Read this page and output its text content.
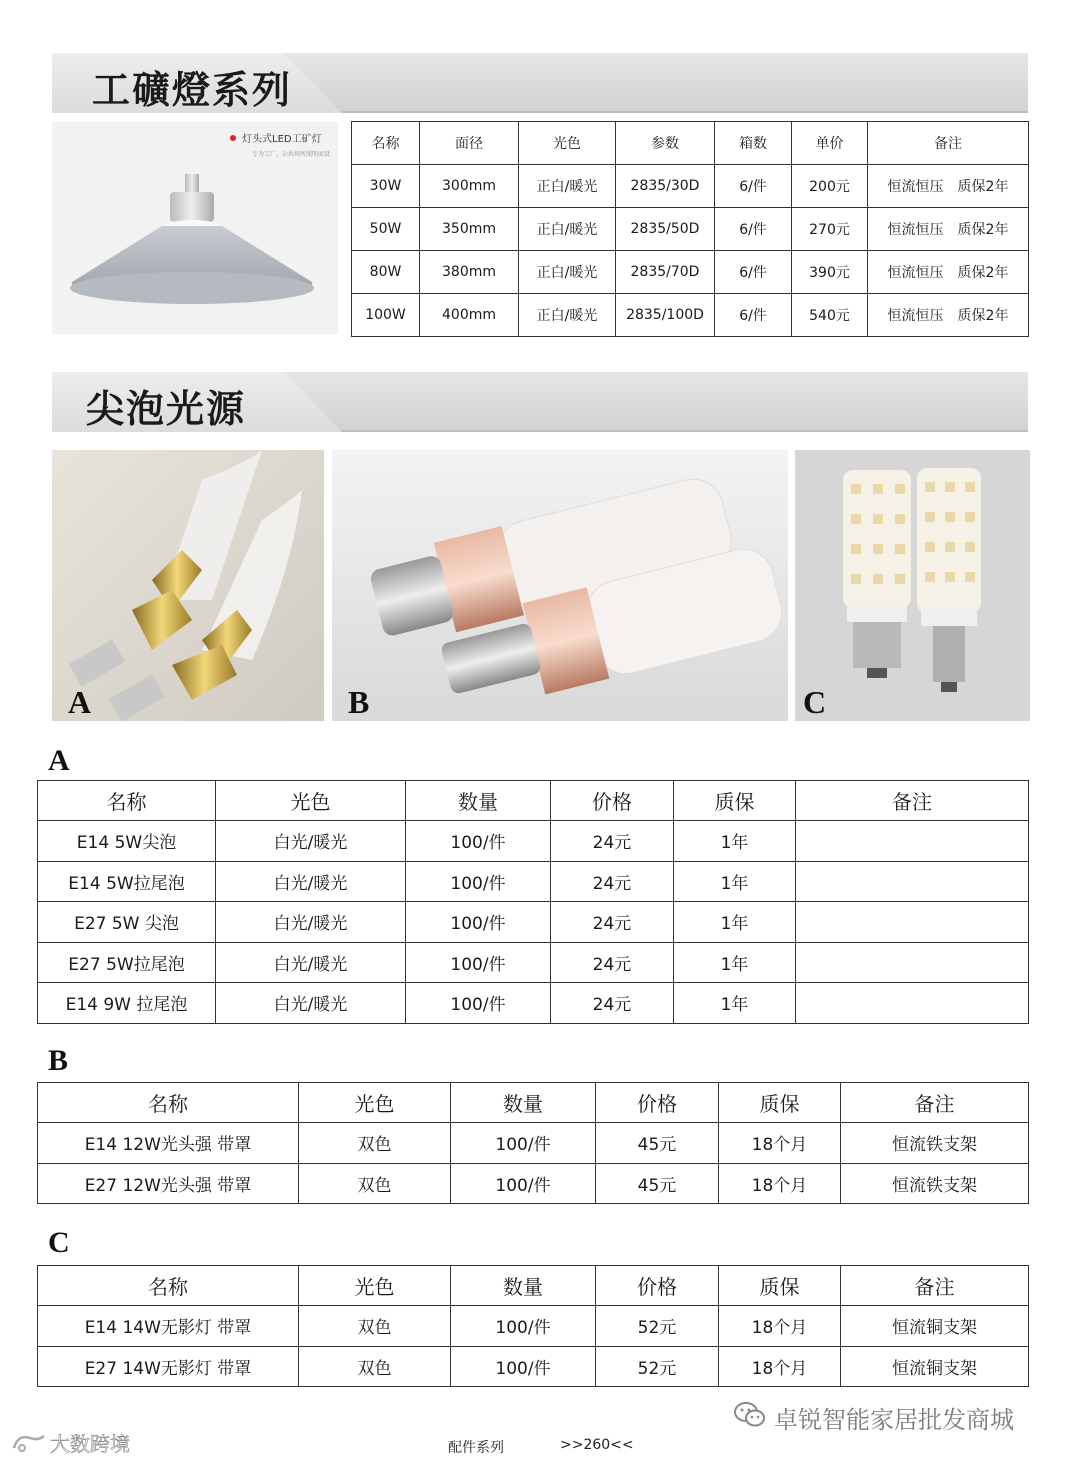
工礦燈系列
灯头式LED工矿灯
专为工厂、公共场所照明而设
名称	面径	光色	参数	箱数	单价	备注
30W	300mm	正白/暖光	2835/30D	6/件	200元	恒流恒压　质保2年
50W	350mm	正白/暖光	2835/50D	6/件	270元	恒流恒压　质保2年
80W	380mm	正白/暖光	2835/70D	6/件	390元	恒流恒压　质保2年
100W	400mm	正白/暖光	2835/100D	6/件	540元	恒流恒压　质保2年
尖泡光源
A	B	C
A
名称	光色	数量	价格	质保	备注
E14 5W尖泡	白光/暖光	100/件	24元	1年	
E14 5W拉尾泡	白光/暖光	100/件	24元	1年	
E27 5W 尖泡	白光/暖光	100/件	24元	1年	
E27 5W拉尾泡	白光/暖光	100/件	24元	1年	
E14 9W 拉尾泡	白光/暖光	100/件	24元	1年	
B
名称	光色	数量	价格	质保	备注
E14 12W光头强 带罩	双色	100/件	45元	18个月	恒流铁支架
E27 12W光头强 带罩	双色	100/件	45元	18个月	恒流铁支架
C
名称	光色	数量	价格	质保	备注
E14 14W无影灯 带罩	双色	100/件	52元	18个月	恒流铜支架
E27 14W无影灯 带罩	双色	100/件	52元	18个月	恒流铜支架
卓锐智能家居批发商城
配件系列	>>260<<
大数跨境
